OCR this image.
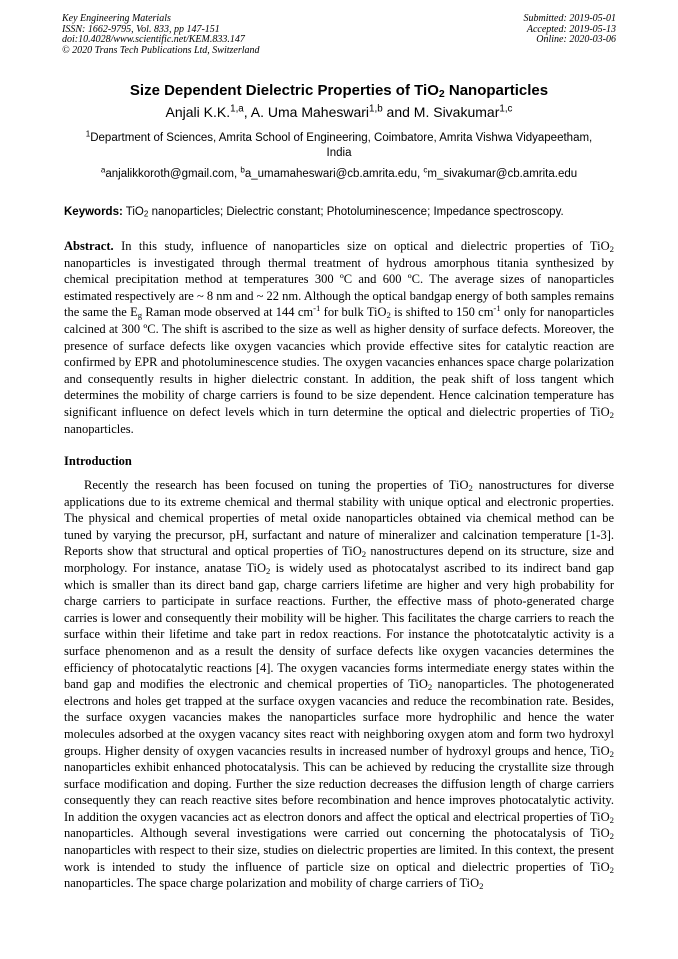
Key Engineering Materials
ISSN: 1662-9795, Vol. 833, pp 147-151
doi:10.4028/www.scientific.net/KEM.833.147
© 2020 Trans Tech Publications Ltd, Switzerland
Submitted: 2019-05-01
Accepted: 2019-05-13
Online: 2020-03-06
Size Dependent Dielectric Properties of TiO$_2$ Nanoparticles
Anjali K.K.$^{1,a}$, A. Uma Maheswari$^{1,b}$ and M. Sivakumar$^{1,c}$
$^1$Department of Sciences, Amrita School of Engineering, Coimbatore, Amrita Vishwa Vidyapeetham, India
$^a$anjalikkoroth@gmail.com, $^b$a_umamaheswari@cb.amrita.edu, $^c$m_sivakumar@cb.amrita.edu
Keywords: TiO$_2$ nanoparticles; Dielectric constant; Photoluminescence; Impedance spectroscopy.
Abstract. In this study, influence of nanoparticles size on optical and dielectric properties of TiO$_2$ nanoparticles is investigated through thermal treatment of hydrous amorphous titania synthesized by chemical precipitation method at temperatures 300 ºC and 600 ºC. The average sizes of nanoparticles estimated respectively are ~ 8 nm and ~ 22 nm. Although the optical bandgap energy of both samples remains the same the $E_g$ Raman mode observed at 144 $cm^{-1}$ for bulk TiO$_2$ is shifted to 150 $cm^{-1}$ only for nanoparticles calcined at 300 ºC. The shift is ascribed to the size as well as higher density of surface defects. Moreover, the presence of surface defects like oxygen vacancies which provide effective sites for catalytic reaction are confirmed by EPR and photoluminescence studies. The oxygen vacancies enhances space charge polarization and consequently results in higher dielectric constant. In addition, the peak shift of loss tangent which determines the mobility of charge carriers is found to be size dependent. Hence calcination temperature has significant influence on defect levels which in turn determine the optical and dielectric properties of TiO$_2$ nanoparticles.
Introduction
Recently the research has been focused on tuning the properties of TiO$_2$ nanostructures for diverse applications due to its extreme chemical and thermal stability with unique optical and electronic properties. The physical and chemical properties of metal oxide nanoparticles obtained via chemical method can be tuned by varying the precursor, pH, surfactant and nature of mineralizer and calcination temperature [1-3]. Reports show that structural and optical properties of TiO$_2$ nanostructures depend on its structure, size and morphology. For instance, anatase TiO$_2$ is widely used as photocatalyst ascribed to its indirect band gap which is smaller than its direct band gap, charge carriers lifetime are higher and very high probability for charge carriers to participate in surface reactions. Further, the effective mass of photo-generated charge carries is lower and consequently their mobility will be higher. This facilitates the charge carriers to reach the surface within their lifetime and take part in redox reactions. For instance the phototcatalytic activity is a surface phenomenon and as a result the density of surface defects like oxygen vacancies determines the efficiency of photocatalytic reactions [4]. The oxygen vacancies forms intermediate energy states within the band gap and modifies the electronic and chemical properties of TiO$_2$ nanoparticles. The photogenerated electrons and holes get trapped at the surface oxygen vacancies and reduce the recombination rate. Besides, the surface oxygen vacancies makes the nanoparticles surface more hydrophilic and hence the water molecules adsorbed at the oxygen vacancy sites react with neighboring oxygen atom and form two hydroxyl groups. Higher density of oxygen vacancies results in increased number of hydroxyl groups and hence, TiO$_2$ nanoparticles exhibit enhanced photocatalysis. This can be achieved by reducing the crystallite size through surface modification and doping. Further the size reduction decreases the diffusion length of charge carriers consequently they can reach reactive sites before recombination and hence improves photocatalytic activity. In addition the oxygen vacancies act as electron donors and affect the optical and electrical properties of TiO$_2$ nanoparticles. Although several investigations were carried out concerning the photocatalysis of TiO$_2$ nanoparticles with respect to their size, studies on dielectric properties are limited. In this context, the present work is intended to study the influence of particle size on optical and dielectric properties of TiO$_2$ nanoparticles. The space charge polarization and mobility of charge carriers of TiO$_2$
